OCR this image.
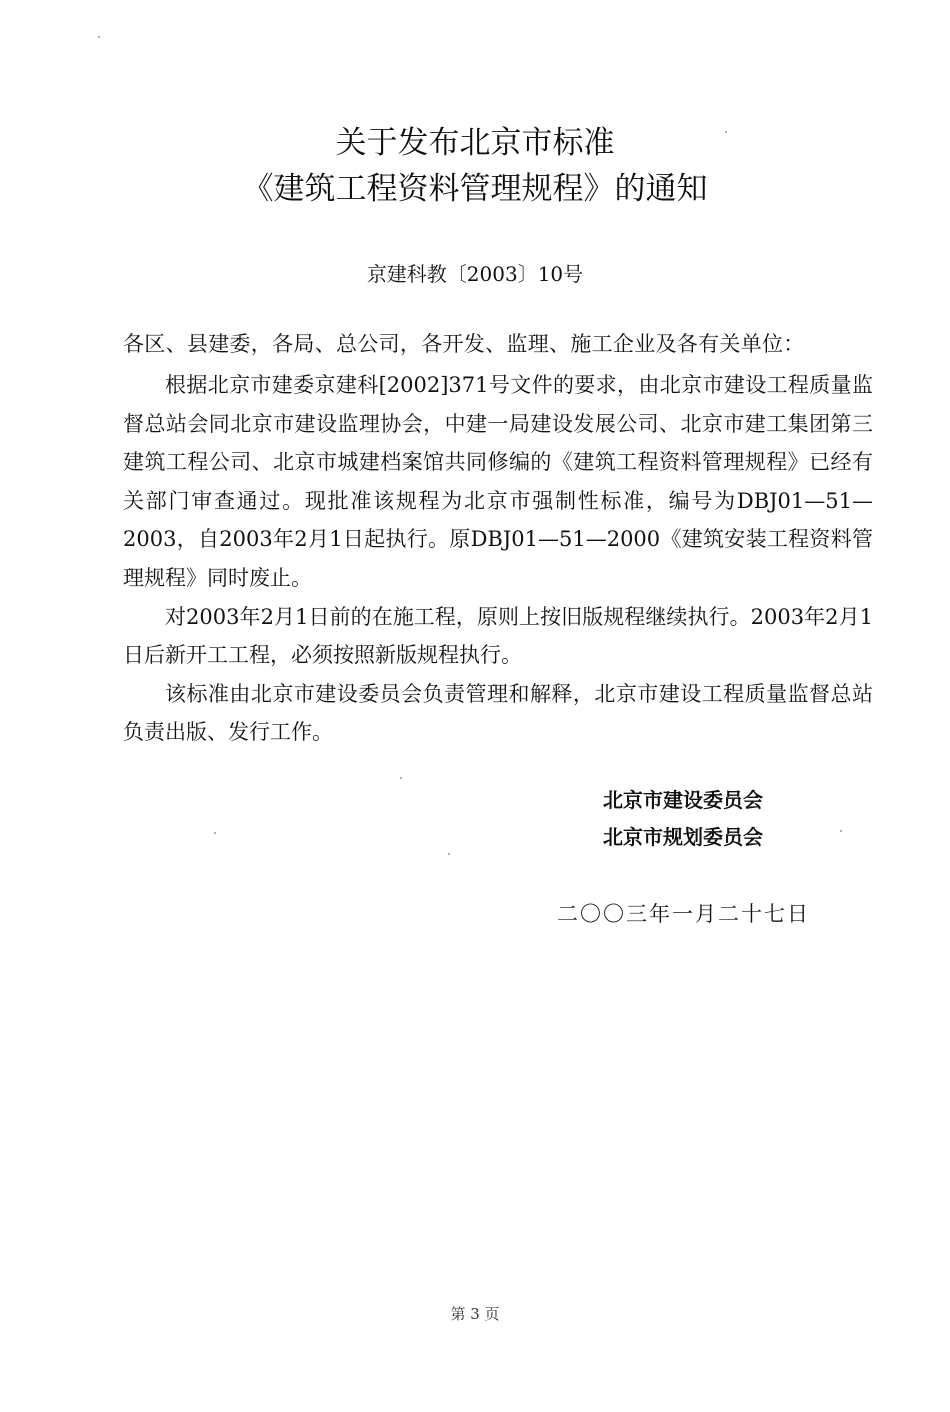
关于发布北京市标准
《建筑工程资料管理规程》的通知
京建科教〔2003〕10号
各区、县建委，各局、总公司，各开发、监理、施工企业及各有关单位：

根据北京市建委京建科[2002]371号文件的要求，由北京市建设工程质量监督总站会同北京市建设监理协会，中建一局建设发展公司、北京市建工集团第三建筑工程公司、北京市城建档案馆共同修编的《建筑工程资料管理规程》已经有关部门审查通过。现批准该规程为北京市强制性标准，编号为DBJ01—51—2003，自2003年2月1日起执行。原DBJ01—51—2000《建筑安装工程资料管理规程》同时废止。

对2003年2月1日前的在施工程，原则上按旧版规程继续执行。2003年2月1日后新开工工程，必须按照新版规程执行。

该标准由北京市建设委员会负责管理和解释，北京市建设工程质量监督总站负责出版、发行工作。

北京市建设委员会
北京市规划委员会
二〇〇三年一月二十七日
第 3 页
